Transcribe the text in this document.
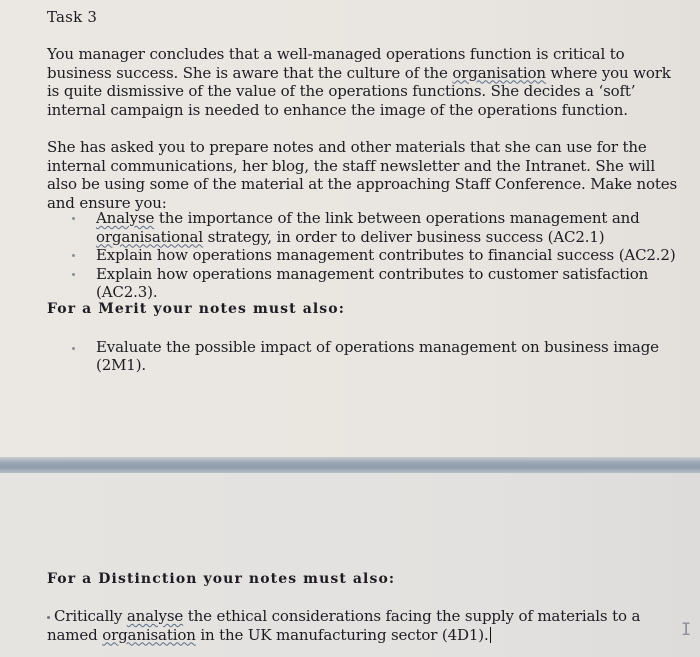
Task 3
You manager concludes that a well-managed operations function is critical to business success. She is aware that the culture of the organisation where you work is quite dismissive of the value of the operations functions. She decides a ‘soft’ internal campaign is needed to enhance the image of the operations function.
She has asked you to prepare notes and other materials that she can use for the internal communications, her blog, the staff newsletter and the Intranet. She will also be using some of the material at the approaching Staff Conference. Make notes and ensure you:
Analyse the importance of the link between operations management and organisational strategy, in order to deliver business success (AC2.1)
Explain how operations management contributes to financial success (AC2.2)
Explain how operations management contributes to customer satisfaction (AC2.3).
For a Merit your notes must also:
Evaluate the possible impact of operations management on business image (2M1).
For a Distinction your notes must also:
Critically analyse the ethical considerations facing the supply of materials to a named organisation in the UK manufacturing sector (4D1).	I
